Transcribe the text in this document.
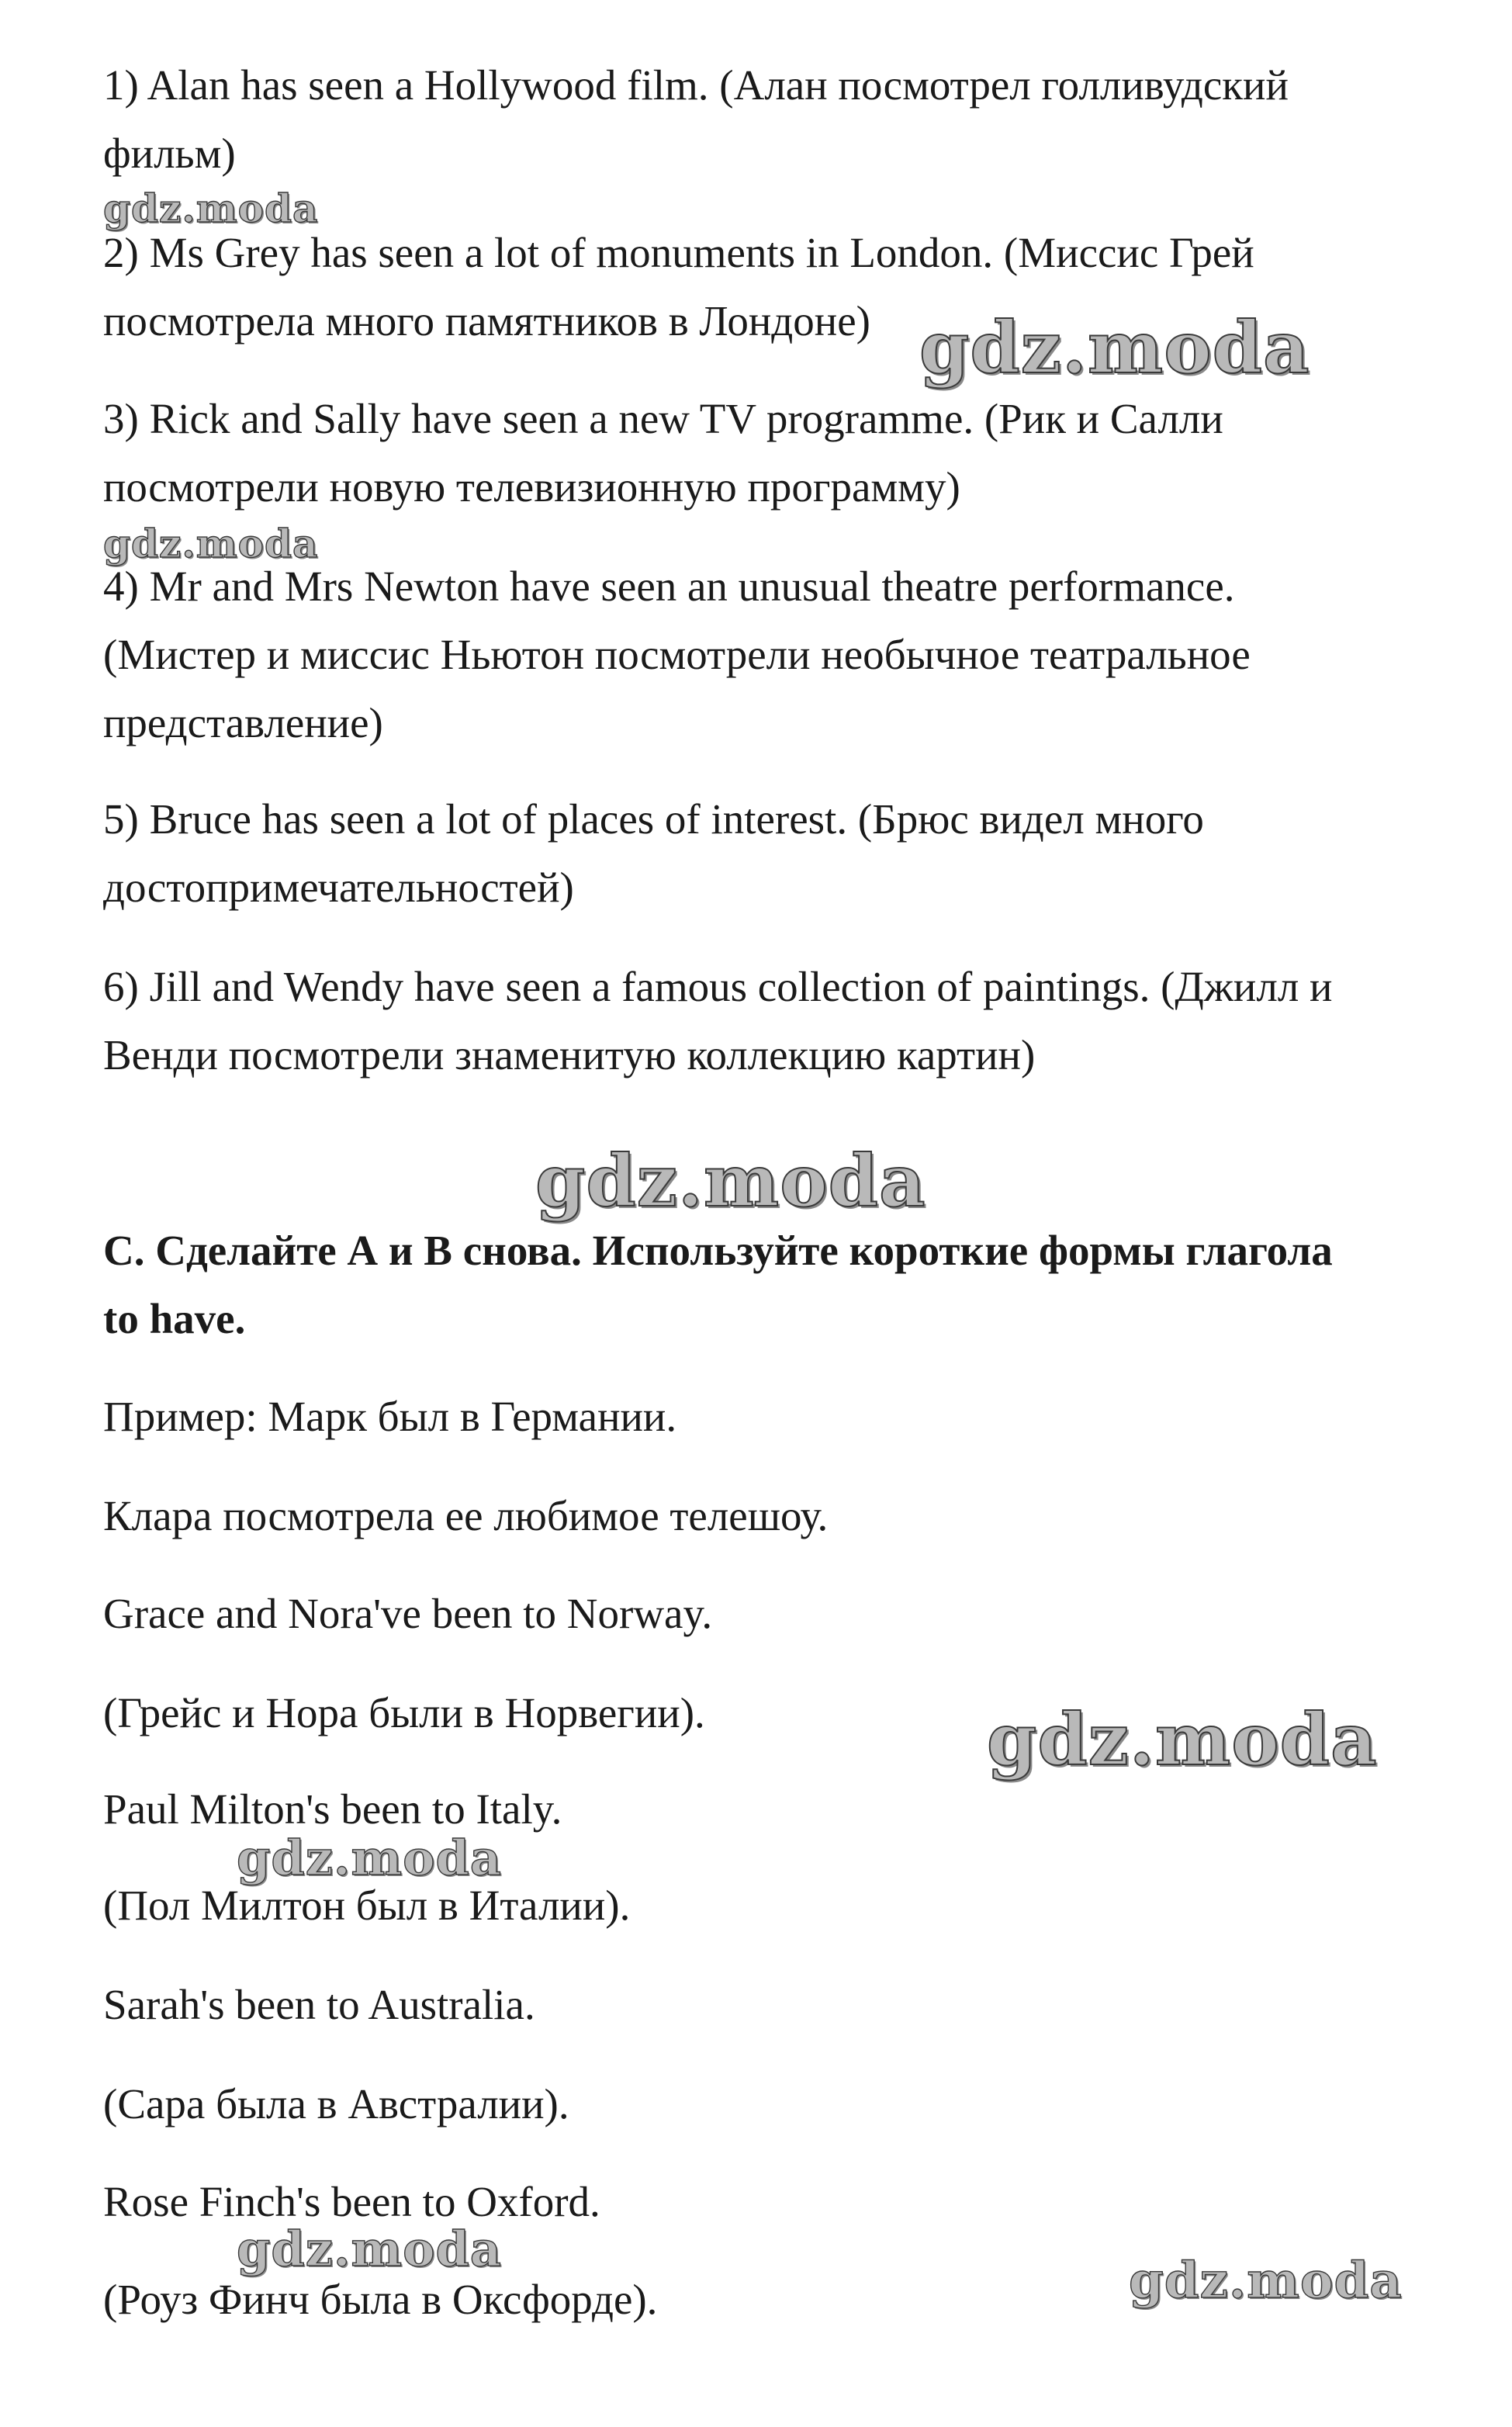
1) Alan has seen a Hollywood film. (Алан посмотрел голливудский

фильм)

gdz.moda

2) Ms Grey has seen a lot of monuments in London. (Миссис Грей

посмотрела много памятников в Лондоне) gdz.moda

3) Rick and Sally have seen a new TV programme. (Рик и Салли

посмотрели новую телевизионную программу)

gdz.moda

4) Mr and Mrs Newton have seen an unusual theatre performance.

(Мистер и миссис Ньютон посмотрели необычное театральное

представление)

5) Bruce has seen a lot of places of interest. (Брюс видел много

достопримечательностей)

6) Jill and Wendy have seen a famous collection of paintings. (Джилл и

Венди посмотрели знаменитую коллекцию картин)

gdz.moda

С. Сделайте А и В снова. Используйте короткие формы глагола

to have.

Пример: Марк был в Германии.

Клара посмотрела ее любимое телешоу.

Grace and Nora've been to Norway.

(Грейс и Нора были в Норвегии).	gdz.moda

Paul Milton's been to Italy.

gdz.moda

(Пол Милтон был в Италии).

Sarah's been to Australia.

(Сара была в Австралии).

Rose Finch's been to Oxford.

gdz.moda

(Роуз Финч была в Оксфорде).	gdz.moda
